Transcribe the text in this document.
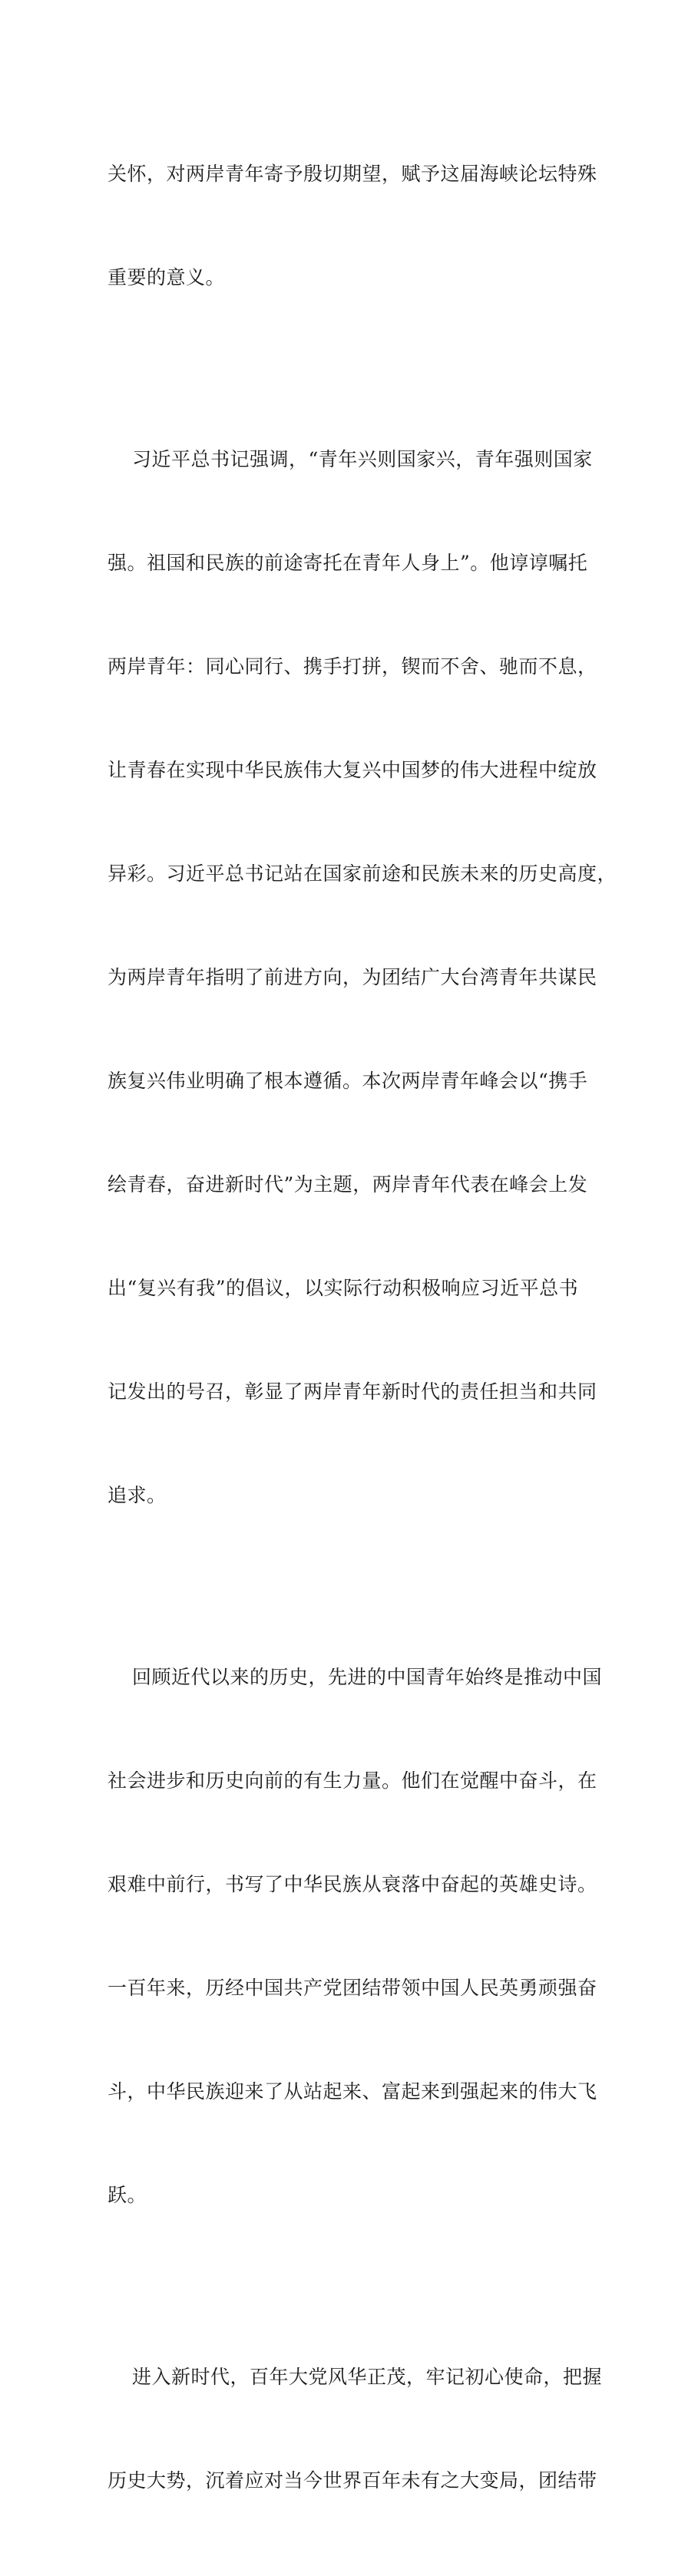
关怀，对两岸青年寄予殷切期望，赋予这届海峡论坛特殊

重要的意义。

习近平总书记强调，“青年兴则国家兴，青年强则国家

强。祖国和民族的前途寄托在青年人身上”。他谆谆嘱托

两岸青年：同心同行、携手打拼，锲而不舍、驰而不息，

让青春在实现中华民族伟大复兴中国梦的伟大进程中绽放

异彩。习近平总书记站在国家前途和民族未来的历史高度，

为两岸青年指明了前进方向，为团结广大台湾青年共谋民

族复兴伟业明确了根本遵循。本次两岸青年峰会以“携手

绘青春，奋进新时代”为主题，两岸青年代表在峰会上发

出“复兴有我”的倡议，以实际行动积极响应习近平总书

记发出的号召，彰显了两岸青年新时代的责任担当和共同

追求。

回顾近代以来的历史，先进的中国青年始终是推动中国

社会进步和历史向前的有生力量。他们在觉醒中奋斗，在

艰难中前行，书写了中华民族从衰落中奋起的英雄史诗。

一百年来，历经中国共产党团结带领中国人民英勇顽强奋

斗，中华民族迎来了从站起来、富起来到强起来的伟大飞

跃。

进入新时代，百年大党风华正茂，牢记初心使命，把握

历史大势，沉着应对当今世界百年未有之大变局，团结带
